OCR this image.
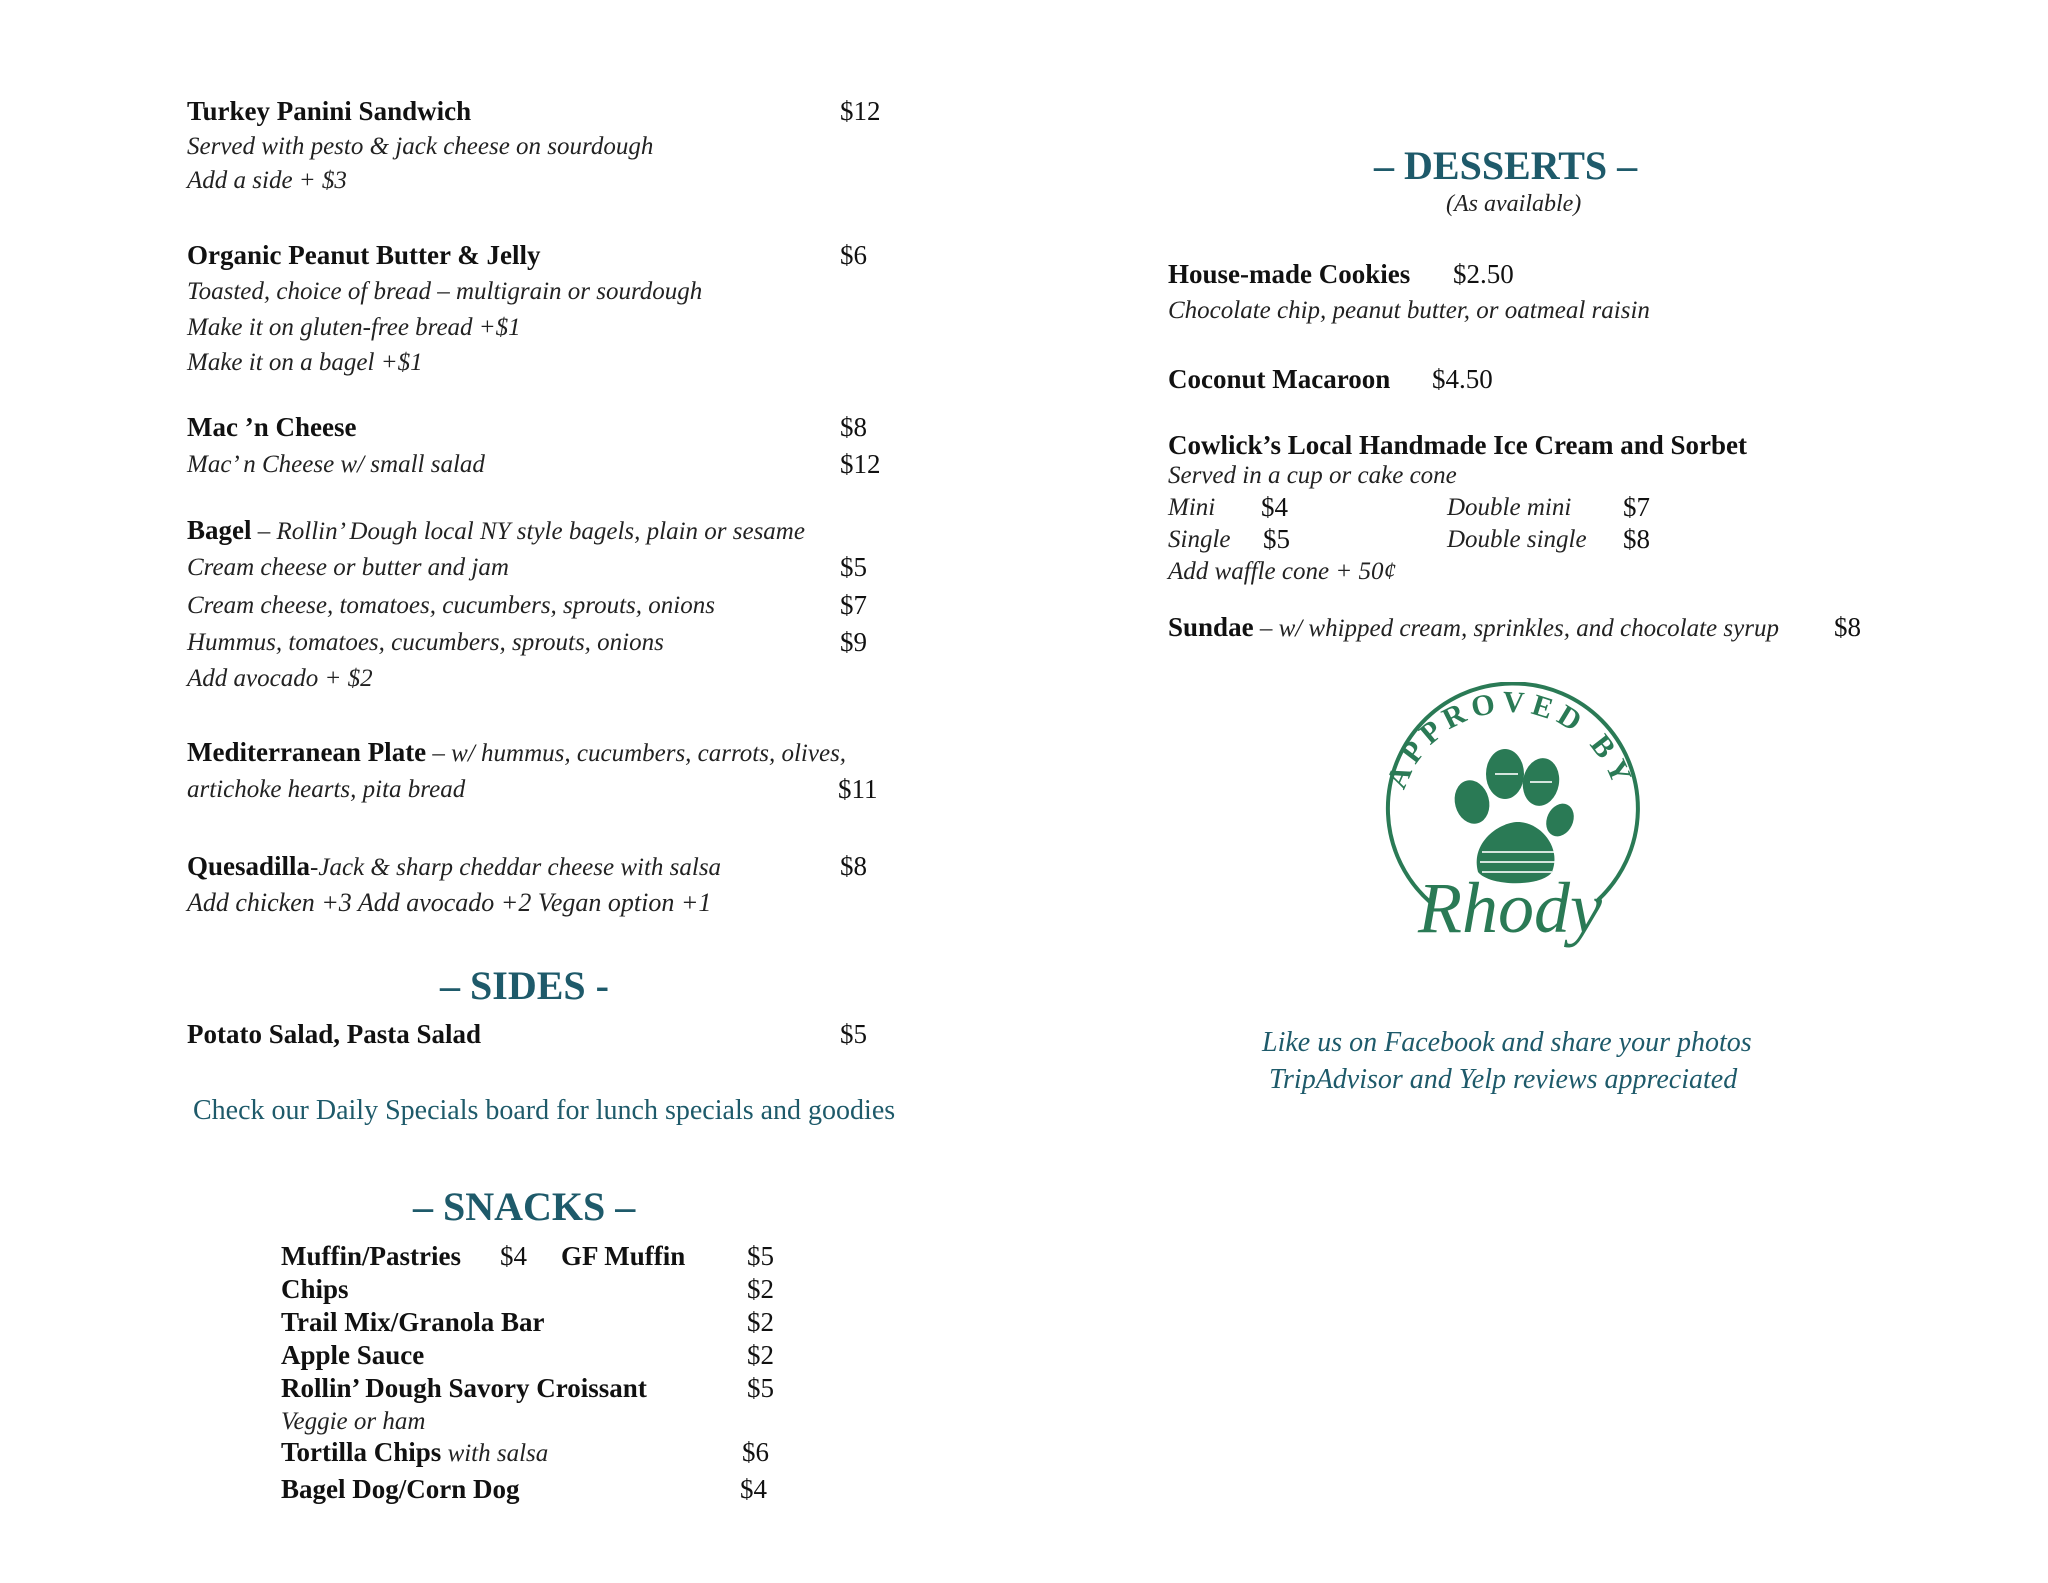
Turkey Panini Sandwich	$12
Served with pesto & jack cheese on sourdough
Add a side + $3
Organic Peanut Butter & Jelly	$6
Toasted, choice of bread – multigrain or sourdough
Make it on gluten-free bread +$1
Make it on a bagel +$1
Mac ’n Cheese	$8
Mac’ n Cheese w/ small salad	$12
Bagel – Rollin’ Dough local NY style bagels, plain or sesame
Cream cheese or butter and jam	$5
Cream cheese, tomatoes, cucumbers, sprouts, onions	$7
Hummus, tomatoes, cucumbers, sprouts, onions	$9
Add avocado + $2
Mediterranean Plate – w/ hummus, cucumbers, carrots, olives,
artichoke hearts, pita bread	$11
Quesadilla-Jack & sharp cheddar cheese with salsa	$8
Add chicken +3 Add avocado +2 Vegan option +1
– SIDES -
Potato Salad, Pasta Salad	$5
Check our Daily Specials board for lunch specials and goodies
– SNACKS –
Muffin/Pastries $4 GF Muffin $5
Chips	$2
Trail Mix/Granola Bar	$2
Apple Sauce	$2
Rollin’ Dough Savory Croissant	$5
Veggie or ham
Tortilla Chips with salsa	$6
Bagel Dog/Corn Dog	$4
– DESSERTS –
(As available)
House-made Cookies $2.50
Chocolate chip, peanut butter, or oatmeal raisin
Coconut Macaroon $4.50
Cowlick’s Local Handmade Ice Cream and Sorbet
Served in a cup or cake cone
Mini $4	Double mini $7
Single $5	Double single $8
Add waffle cone + 50¢
Sundae – w/ whipped cream, sprinkles, and chocolate syrup $8
APPROVED BY
Rhody
Like us on Facebook and share your photos
TripAdvisor and Yelp reviews appreciated
